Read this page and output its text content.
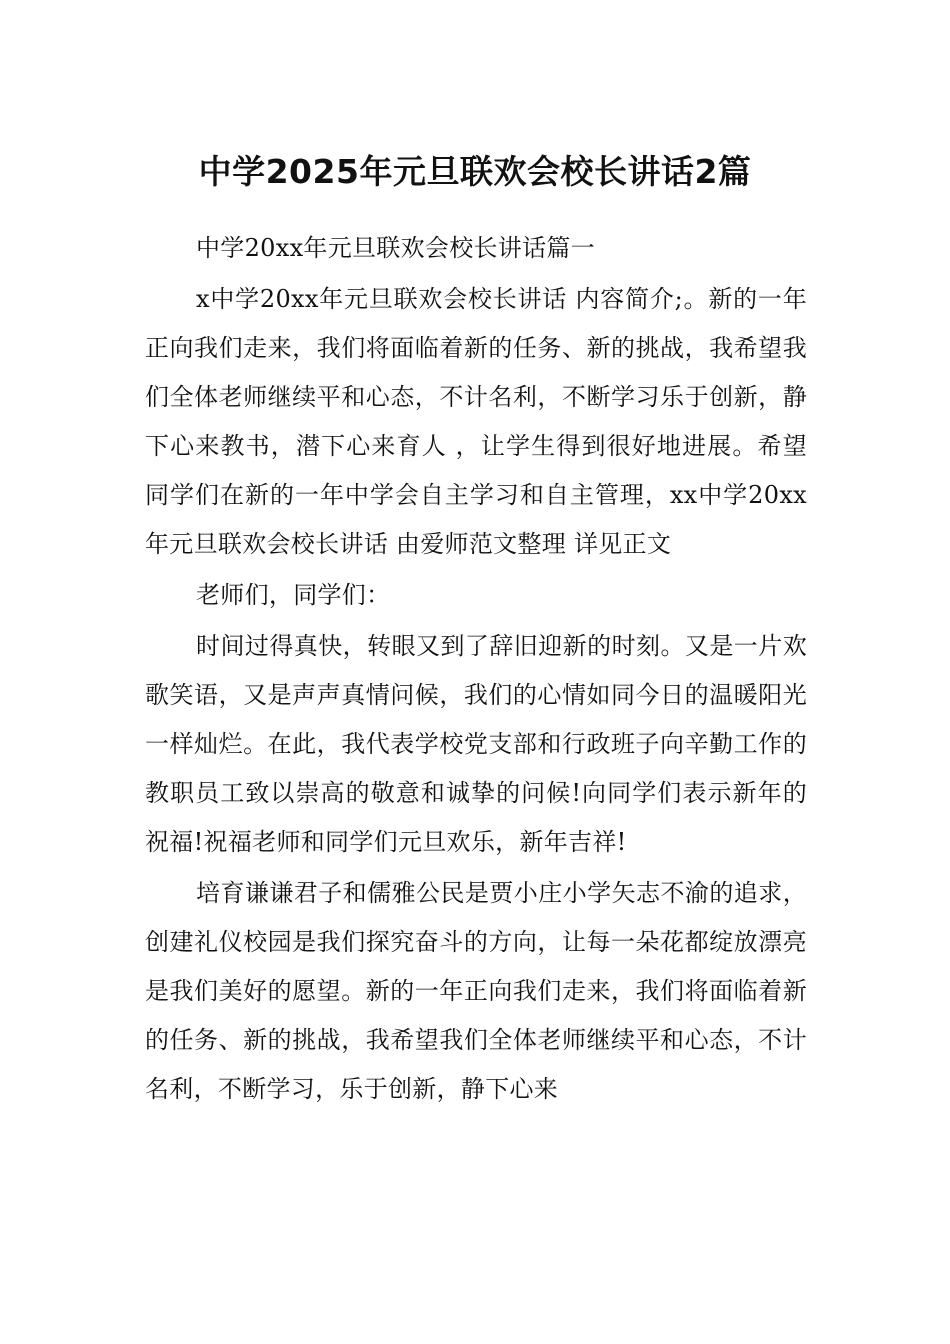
中学2025年元旦联欢会校长讲话2篇

中学20xx年元旦联欢会校长讲话篇一

x中学20xx年元旦联欢会校长讲话 内容简介;。新的一年正向我们走来，我们将面临着新的任务、新的挑战，我希望我们全体老师继续平和心态，不计名利，不断学习乐于创新，静下心来教书，潜下心来育人 ，让学生得到很好地进展。希望同学们在新的一年中学会自主学习和自主管理，xx中学20xx年元旦联欢会校长讲话 由爱师范文整理 详见正文

老师们，同学们：

时间过得真快，转眼又到了辞旧迎新的时刻。又是一片欢歌笑语，又是声声真情问候，我们的心情如同今日的温暖阳光一样灿烂。在此，我代表学校党支部和行政班子向辛勤工作的教职员工致以崇高的敬意和诚挚的问候!向同学们表示新年的祝福!祝福老师和同学们元旦欢乐，新年吉祥!

培育谦谦君子和儒雅公民是贾小庄小学矢志不渝的追求，创建礼仪校园是我们探究奋斗的方向，让每一朵花都绽放漂亮是我们美好的愿望。新的一年正向我们走来，我们将面临着新的任务、新的挑战，我希望我们全体老师继续平和心态，不计名利，不断学习，乐于创新，静下心来
